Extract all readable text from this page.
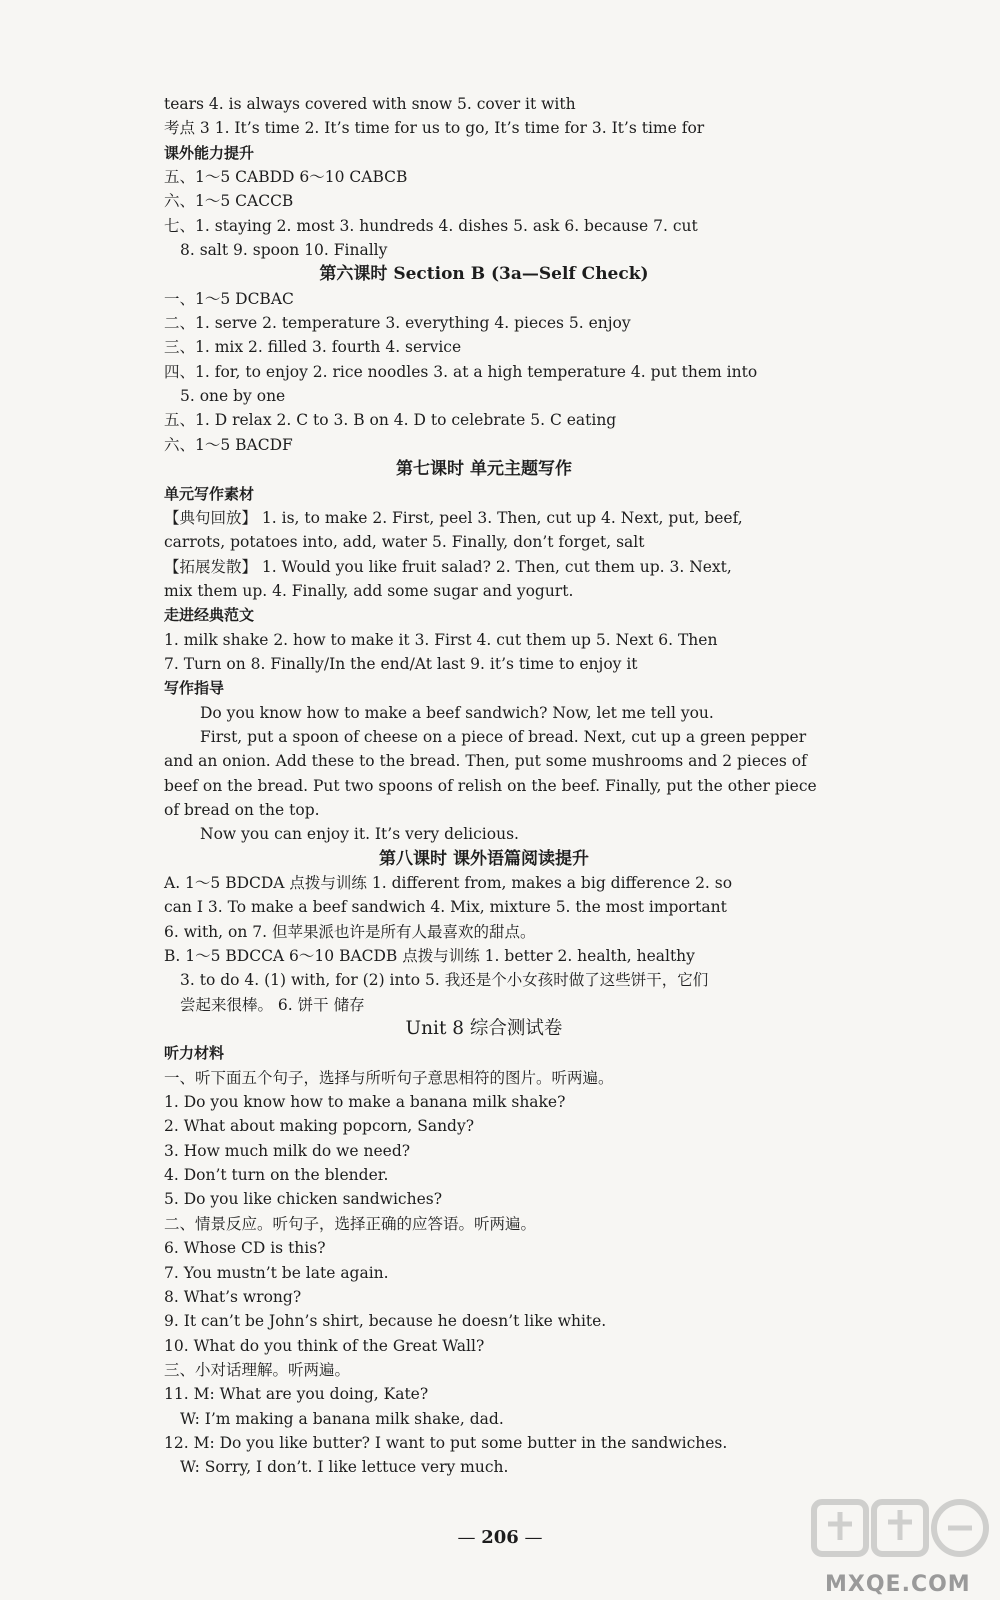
tears 4. is always covered with snow 5. cover it with
考点 3 1. It’s time 2. It’s time for us to go, It’s time for 3. It’s time for
课外能力提升
五、1～5 CABDD 6～10 CABCB
六、1～5 CACCB
七、1. staying 2. most 3. hundreds 4. dishes 5. ask 6. because 7. cut
8. salt 9. spoon 10. Finally
第六课时 Section B (3a—Self Check)
一、1～5 DCBAC
二、1. serve 2. temperature 3. everything 4. pieces 5. enjoy
三、1. mix 2. filled 3. fourth 4. service
四、1. for, to enjoy 2. rice noodles 3. at a high temperature 4. put them into
5. one by one
五、1. D relax 2. C to 3. B on 4. D to celebrate 5. C eating
六、1～5 BACDF
第七课时 单元主题写作
单元写作素材
【典句回放】 1. is, to make 2. First, peel 3. Then, cut up 4. Next, put, beef,
carrots, potatoes into, add, water 5. Finally, don’t forget, salt
【拓展发散】 1. Would you like fruit salad? 2. Then, cut them up. 3. Next,
mix them up. 4. Finally, add some sugar and yogurt.
走进经典范文
1. milk shake 2. how to make it 3. First 4. cut them up 5. Next 6. Then
7. Turn on 8. Finally/In the end/At last 9. it’s time to enjoy it
写作指导
Do you know how to make a beef sandwich? Now, let me tell you.
First, put a spoon of cheese on a piece of bread. Next, cut up a green pepper
and an onion. Add these to the bread. Then, put some mushrooms and 2 pieces of
beef on the bread. Put two spoons of relish on the beef. Finally, put the other piece
of bread on the top.
Now you can enjoy it. It’s very delicious.
第八课时 课外语篇阅读提升
A. 1～5 BDCDA 点拨与训练 1. different from, makes a big difference 2. so
can I 3. To make a beef sandwich 4. Mix, mixture 5. the most important
6. with, on 7. 但苹果派也许是所有人最喜欢的甜点。
B. 1～5 BDCCA 6～10 BACDB 点拨与训练 1. better 2. health, healthy
3. to do 4. (1) with, for (2) into 5. 我还是个小女孩时做了这些饼干，它们
尝起来很棒。 6. 饼干 储存
Unit 8 综合测试卷
听力材料
一、听下面五个句子，选择与所听句子意思相符的图片。听两遍。
1. Do you know how to make a banana milk shake?
2. What about making popcorn, Sandy?
3. How much milk do we need?
4. Don’t turn on the blender.
5. Do you like chicken sandwiches?
二、情景反应。听句子，选择正确的应答语。听两遍。
6. Whose CD is this?
7. You mustn’t be late again.
8. What’s wrong?
9. It can’t be John’s shirt, because he doesn’t like white.
10. What do you think of the Great Wall?
三、小对话理解。听两遍。
11. M: What are you doing, Kate?
W: I’m making a banana milk shake, dad.
12. M: Do you like butter? I want to put some butter in the sandwiches.
W: Sorry, I don’t. I like lettuce very much.
— 206 —
MXQE.COM
